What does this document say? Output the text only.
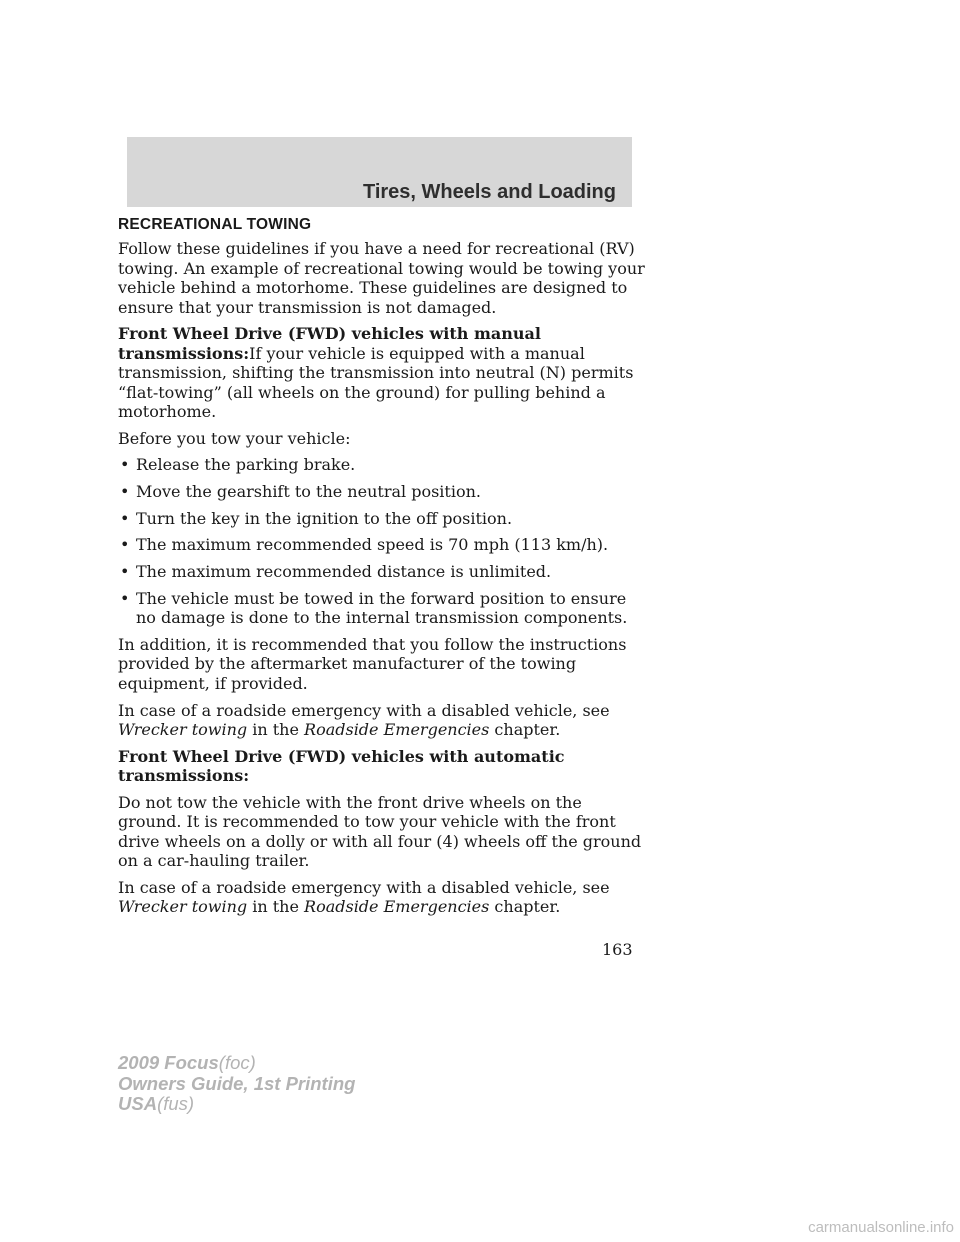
Tires, Wheels and Loading
RECREATIONAL TOWING

Follow these guidelines if you have a need for recreational (RV) towing. An example of recreational towing would be towing your vehicle behind a motorhome. These guidelines are designed to ensure that your transmission is not damaged.

Front Wheel Drive (FWD) vehicles with manual transmissions:If your vehicle is equipped with a manual transmission, shifting the transmission into neutral (N) permits “flat-towing” (all wheels on the ground) for pulling behind a motorhome.

Before you tow your vehicle:

• Release the parking brake.
• Move the gearshift to the neutral position.
• Turn the key in the ignition to the off position.
• The maximum recommended speed is 70 mph (113 km/h).
• The maximum recommended distance is unlimited.
• The vehicle must be towed in the forward position to ensure no damage is done to the internal transmission components.

In addition, it is recommended that you follow the instructions provided by the aftermarket manufacturer of the towing equipment, if provided.

In case of a roadside emergency with a disabled vehicle, see Wrecker towing in the Roadside Emergencies chapter.

Front Wheel Drive (FWD) vehicles with automatic transmissions:

Do not tow the vehicle with the front drive wheels on the ground. It is recommended to tow your vehicle with the front drive wheels on a dolly or with all four (4) wheels off the ground on a car-hauling trailer.

In case of a roadside emergency with a disabled vehicle, see Wrecker towing in the Roadside Emergencies chapter.

163
2009 Focus(foc)
Owners Guide, 1st Printing
USA(fus)
carmanualsonline.info
